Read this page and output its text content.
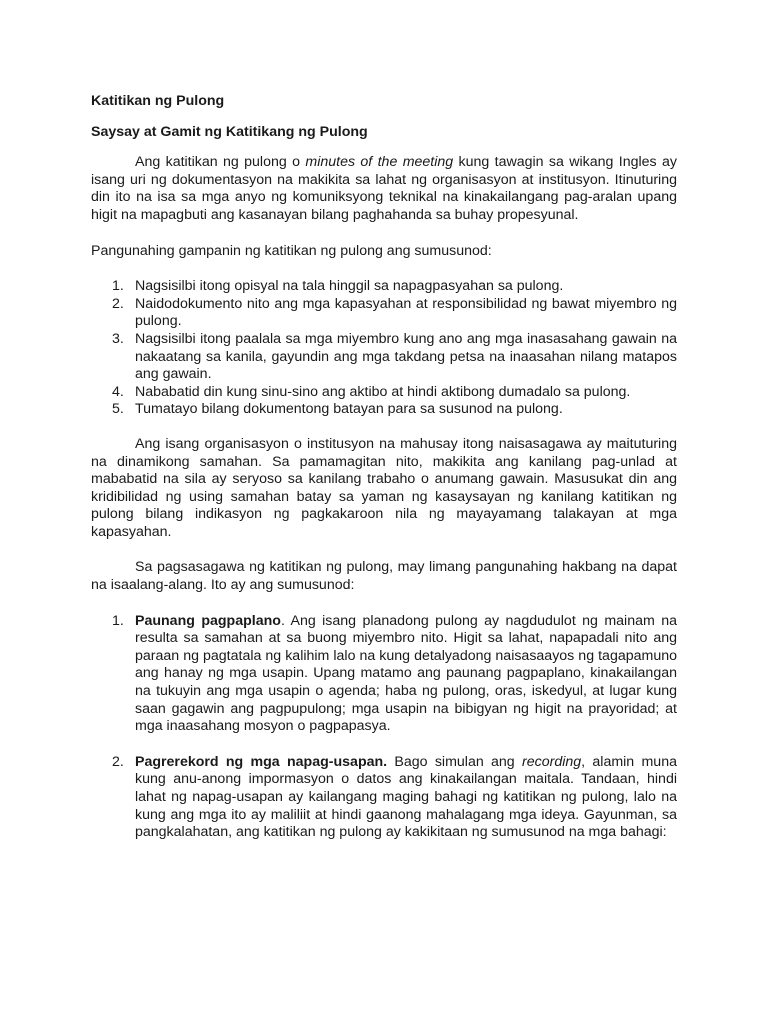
Katitikan ng Pulong

Saysay at Gamit ng Katitikang ng Pulong

Ang katitikan ng pulong o minutes of the meeting kung tawagin sa wikang Ingles ay isang uri ng dokumentasyon na makikita sa lahat ng organisasyon at institusyon. Itinuturing din ito na isa sa mga anyo ng komuniksyong teknikal na kinakailangang pag-aralan upang higit na mapagbuti ang kasanayan bilang paghahanda sa buhay propesyunal.

Pangunahing gampanin ng katitikan ng pulong ang sumusunod:

1. Nagsisilbi itong opisyal na tala hinggil sa napagpasyahan sa pulong.
2. Naidodokumento nito ang mga kapasyahan at responsibilidad ng bawat miyembro ng pulong.
3. Nagsisilbi itong paalala sa mga miyembro kung ano ang mga inasasahang gawain na nakaatang sa kanila, gayundin ang mga takdang petsa na inaasahan nilang matapos ang gawain.
4. Nababatid din kung sinu-sino ang aktibo at hindi aktibong dumadalo sa pulong.
5. Tumatayo bilang dokumentong batayan para sa susunod na pulong.

Ang isang organisasyon o institusyon na mahusay itong naisasagawa ay maituturing na dinamikong samahan. Sa pamamagitan nito, makikita ang kanilang pag-unlad at mababatid na sila ay seryoso sa kanilang trabaho o anumang gawain. Masusukat din ang kridibilidad ng using samahan batay sa yaman ng kasaysayan ng kanilang katitikan ng pulong bilang indikasyon ng pagkakaroon nila ng mayayamang talakayan at mga kapasyahan.

Sa pagsasagawa ng katitikan ng pulong, may limang pangunahing hakbang na dapat na isaalang-alang. Ito ay ang sumusunod:

1. Paunang pagpaplano. Ang isang planadong pulong ay nagdudulot ng mainam na resulta sa samahan at sa buong miyembro nito. Higit sa lahat, napapadali nito ang paraan ng pagtatala ng kalihim lalo na kung detalyadong naisasaayos ng tagapamuno ang hanay ng mga usapin. Upang matamo ang paunang pagpaplano, kinakailangan na tukuyin ang mga usapin o agenda; haba ng pulong, oras, iskedyul, at lugar kung saan gagawin ang pagpupulong; mga usapin na bibigyan ng higit na prayoridad; at mga inaasahang mosyon o pagpapasya.
2. Pagrerekord ng mga napag-usapan. Bago simulan ang recording, alamin muna kung anu-anong impormasyon o datos ang kinakailangan maitala. Tandaan, hindi lahat ng napag-usapan ay kailangang maging bahagi ng katitikan ng pulong, lalo na kung ang mga ito ay maliliit at hindi gaanong mahalagang mga ideya. Gayunman, sa pangkalahatan, ang katitikan ng pulong ay kakikitaan ng sumusunod na mga bahagi:
